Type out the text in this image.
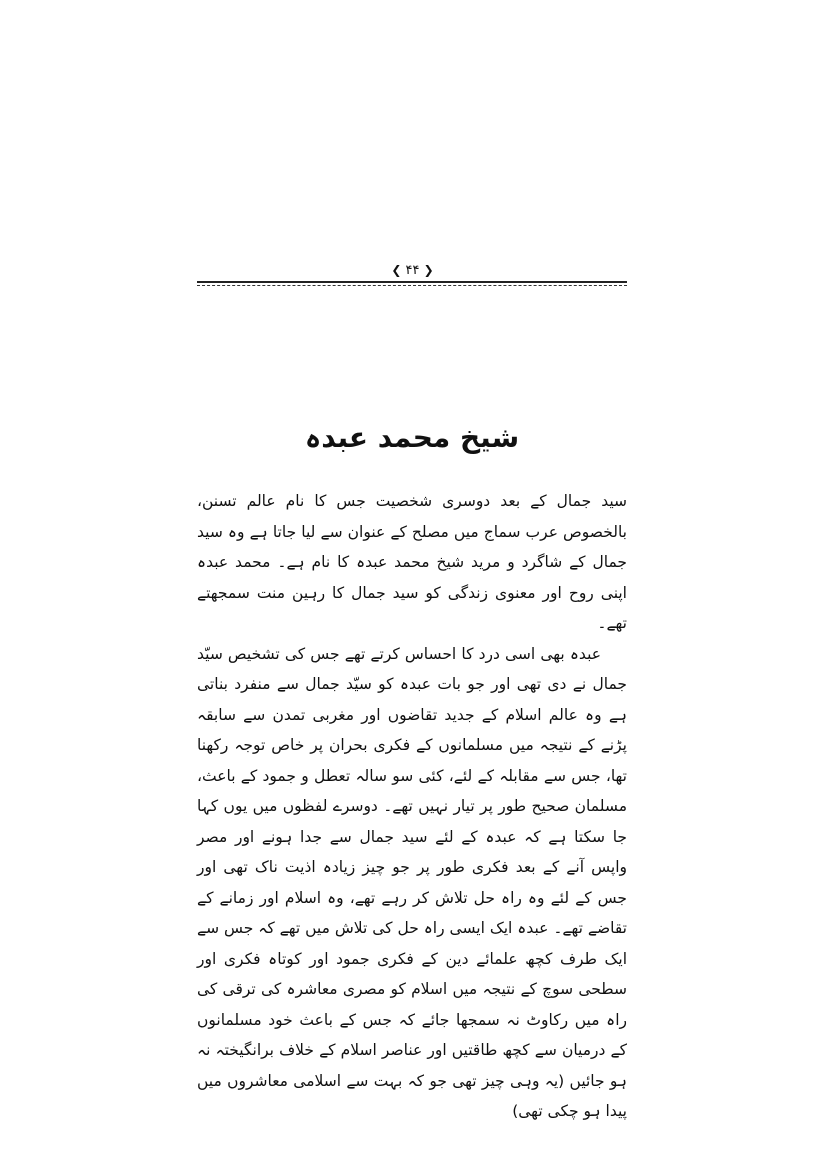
❮ ۴۴ ❯
شیخ محمد عبدہ

سید جمال کے بعد دوسری شخصیت جس کا نام عالم تسنن، بالخصوص عرب سماج میں مصلح کے عنوان سے لیا جاتا ہے وہ سید جمال کے شاگرد و مرید شیخ محمد عبدہ کا نام ہے۔ محمد عبدہ اپنی روح اور معنوی زندگی کو سید جمال کا رہین منت سمجھتے تھے۔

عبدہ بھی اسی درد کا احساس کرتے تھے جس کی تشخیص سیّد جمال نے دی تھی اور جو بات عبدہ کو سیّد جمال سے منفرد بناتی ہے وہ عالم اسلام کے جدید تقاضوں اور مغربی تمدن سے سابقہ پڑنے کے نتیجہ میں مسلمانوں کے فکری بحران پر خاص توجہ رکھنا تھا، جس سے مقابلہ کے لئے، کئی سو سالہ تعطل و جمود کے باعث، مسلمان صحیح طور پر تیار نہیں تھے۔ دوسرے لفظوں میں یوں کہا جا سکتا ہے کہ عبدہ کے لئے سید جمال سے جدا ہونے اور مصر واپس آنے کے بعد فکری طور پر جو چیز زیادہ اذیت ناک تھی اور جس کے لئے وہ راہ حل تلاش کر رہے تھے، وہ اسلام اور زمانے کے تقاضے تھے۔ عبدہ ایک ایسی راہ حل کی تلاش میں تھے کہ جس سے ایک طرف کچھ علمائے دین کے فکری جمود اور کوتاہ فکری اور سطحی سوچ کے نتیجہ میں اسلام کو مصری معاشرہ کی ترقی کی راہ میں رکاوٹ نہ سمجھا جائے کہ جس کے باعث خود مسلمانوں کے درمیان سے کچھ طاقتیں اور عناصر اسلام کے خلاف برانگیختہ نہ ہو جائیں (یہ وہی چیز تھی جو کہ بہت سے اسلامی معاشروں میں پیدا ہو چکی تھی)
